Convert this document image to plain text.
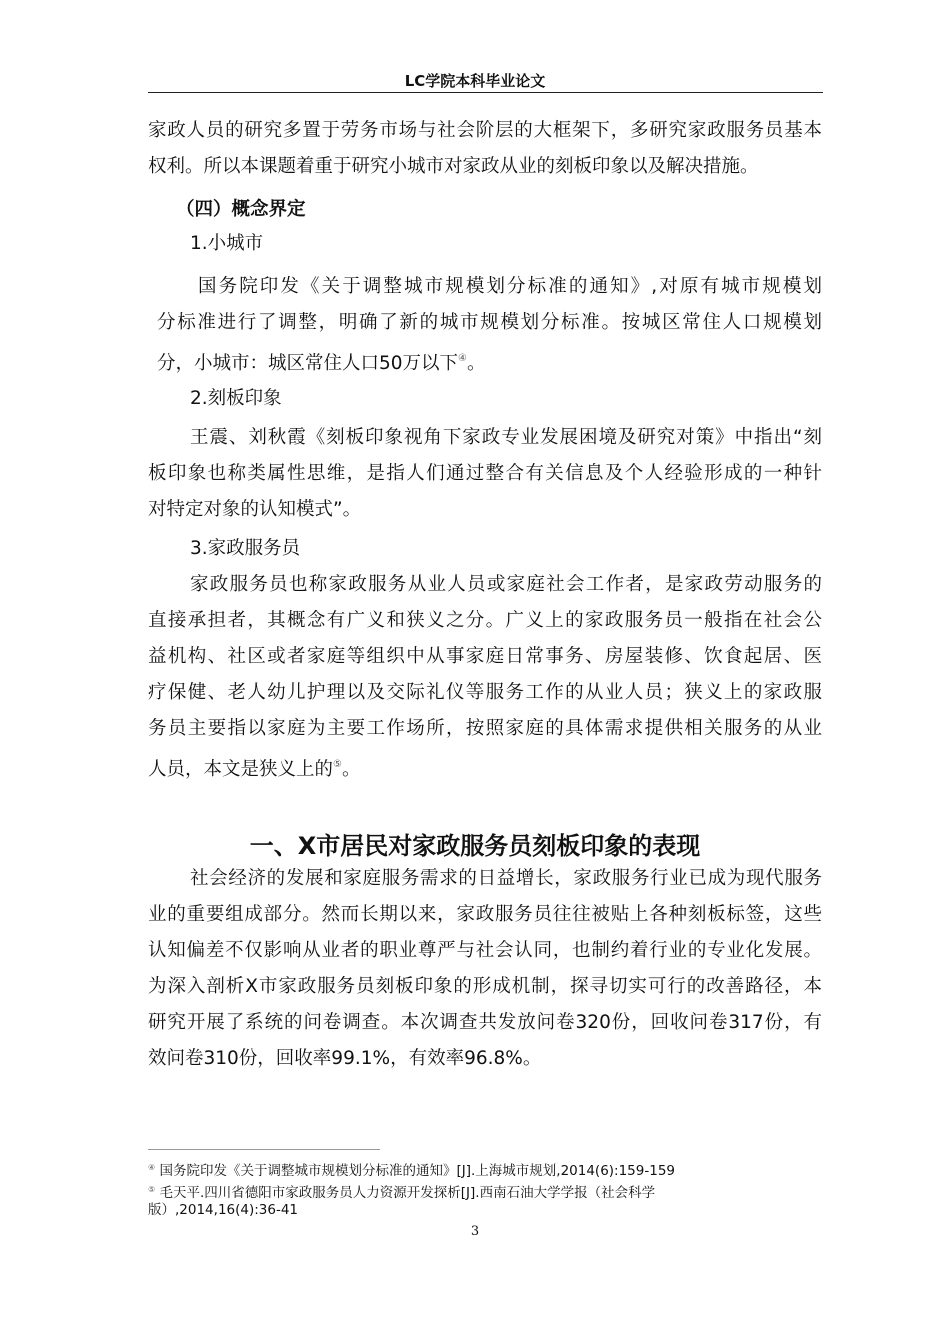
LC学院本科毕业论文
家政人员的研究多置于劳务市场与社会阶层的大框架下，多研究家政服务员基本
权利。所以本课题着重于研究小城市对家政从业的刻板印象以及解决措施。
（四）概念界定
1.小城市
国务院印发《关于调整城市规模划分标准的通知》,对原有城市规模划
分标准进行了调整，明确了新的城市规模划分标准。按城区常住人口规模划
分，小城市：城区常住人口50万以下④。
2.刻板印象
王震、刘秋霞《刻板印象视角下家政专业发展困境及研究对策》中指出“刻
板印象也称类属性思维，是指人们通过整合有关信息及个人经验形成的一种针
对特定对象的认知模式”。
3.家政服务员
家政服务员也称家政服务从业人员或家庭社会工作者，是家政劳动服务的
直接承担者，其概念有广义和狭义之分。广义上的家政服务员一般指在社会公
益机构、社区或者家庭等组织中从事家庭日常事务、房屋装修、饮食起居、医
疗保健、老人幼儿护理以及交际礼仪等服务工作的从业人员；狭义上的家政服
务员主要指以家庭为主要工作场所，按照家庭的具体需求提供相关服务的从业
人员，本文是狭义上的⑤。
一、X市居民对家政服务员刻板印象的表现
社会经济的发展和家庭服务需求的日益增长，家政服务行业已成为现代服务
业的重要组成部分。然而长期以来，家政服务员往往被贴上各种刻板标签，这些
认知偏差不仅影响从业者的职业尊严与社会认同，也制约着行业的专业化发展。
为深入剖析X市家政服务员刻板印象的形成机制，探寻切实可行的改善路径，本
研究开展了系统的问卷调查。本次调查共发放问卷320份，回收问卷317份，有
效问卷310份，回收率99.1%，有效率96.8%。
④ 国务院印发《关于调整城市规模划分标准的通知》[J].上海城市规划,2014(6):159-159
⑤ 毛天平.四川省德阳市家政服务员人力资源开发探析[J].西南石油大学学报（社会科学
版）,2014,16(4):36-41
3
